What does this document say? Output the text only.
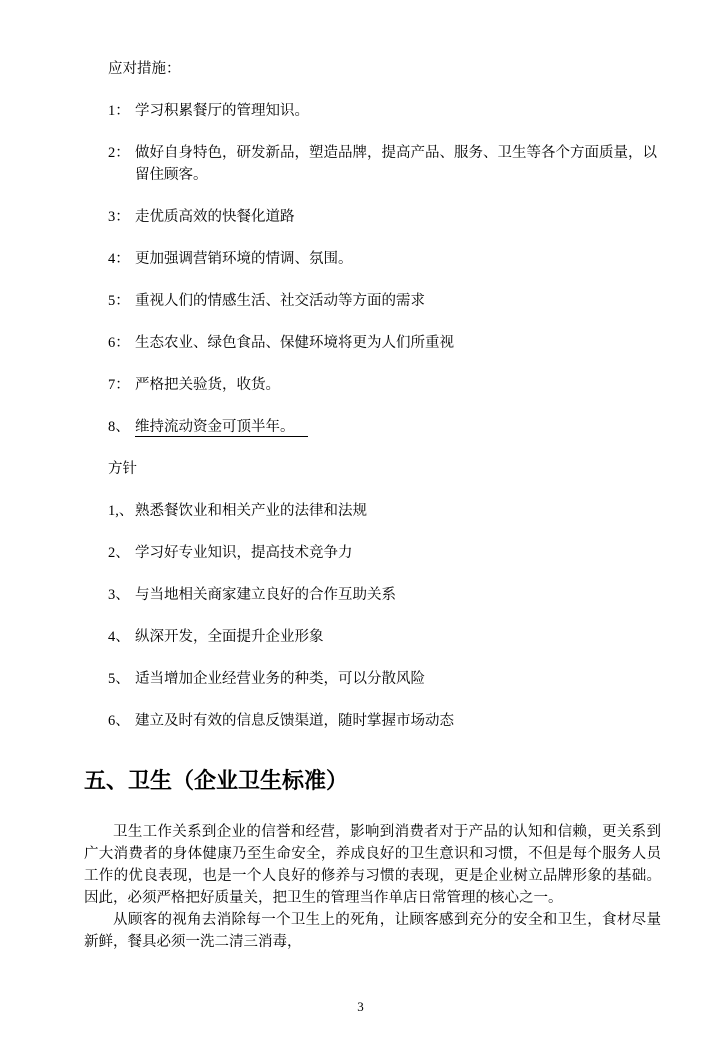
应对措施：
1： 学习积累餐厅的管理知识。
2： 做好自身特色，研发新品，塑造品牌，提高产品、服务、卫生等各个方面质量，以留住顾客。
3： 走优质高效的快餐化道路
4： 更加强调营销环境的情调、氛围。
5： 重视人们的情感生活、社交活动等方面的需求
6： 生态农业、绿色食品、保健环境将更为人们所重视
7： 严格把关验货，收货。
8、 维持流动资金可顶半年。
方针
1,、 熟悉餐饮业和相关产业的法律和法规
2、 学习好专业知识，提高技术竞争力
3、 与当地相关商家建立良好的合作互助关系
4、 纵深开发，全面提升企业形象
5、 适当增加企业经营业务的种类，可以分散风险
6、 建立及时有效的信息反馈渠道，随时掌握市场动态
五、卫生（企业卫生标准）

卫生工作关系到企业的信誉和经营，影响到消费者对于产品的认知和信赖，更关系到广大消费者的身体健康乃至生命安全，养成良好的卫生意识和习惯，不但是每个服务人员工作的优良表现，也是一个人良好的修养与习惯的表现，更是企业树立品牌形象的基础。因此，必须严格把好质量关，把卫生的管理当作单店日常管理的核心之一。

从顾客的视角去消除每一个卫生上的死角，让顾客感到充分的安全和卫生，食材尽量新鲜，餐具必须一洗二清三消毒，

3
